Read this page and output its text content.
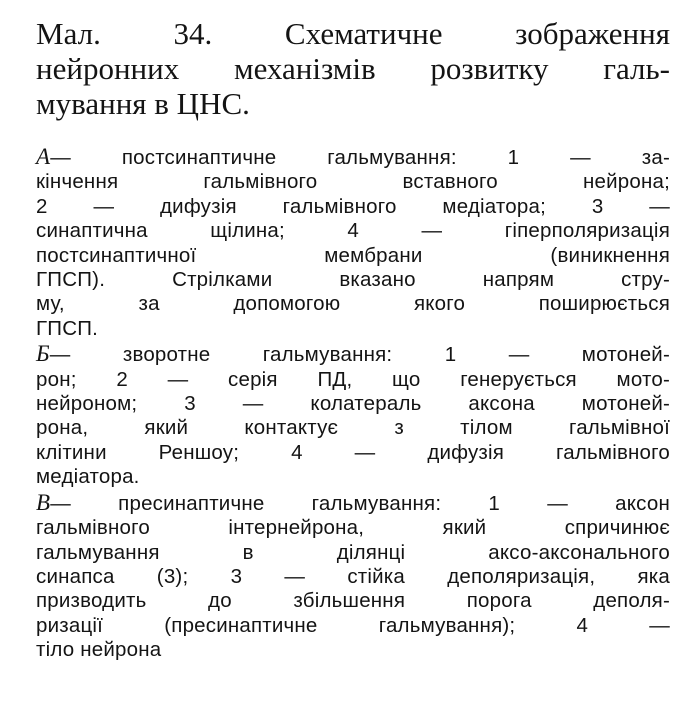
Мал. 34. Схематичне зображення
нейронних механізмів розвитку галь-
мування в ЦНС.
А— постсинаптичне гальмування: 1 — за-
кінчення гальмівного вставного нейрона;
2 — дифузія гальмівного медіатора; 3 —
синаптична щілина; 4 — гіперполяризація
постсинаптичної мембрани (виникнення
ГПСП). Стрілками вказано напрям стру-
му, за допомогою якого поширюється
ГПСП.
Б— зворотне гальмування: 1 — мотоней-
рон; 2 — серія ПД, що генерується мото-
нейроном; 3 — колатераль аксона мотоней-
рона, який контактує з тілом гальмівної
клітини Реншоу; 4 — дифузія гальмівного
медіатора.
В— пресинаптичне гальмування: 1 — аксон
гальмівного інтернейрона, який спричинює
гальмування в ділянці аксо-аксонального
синапса (3); 3 — стійка деполяризація, яка
призводить до збільшення порога деполя-
ризації (пресинаптичне гальмування); 4 —
тіло нейрона
